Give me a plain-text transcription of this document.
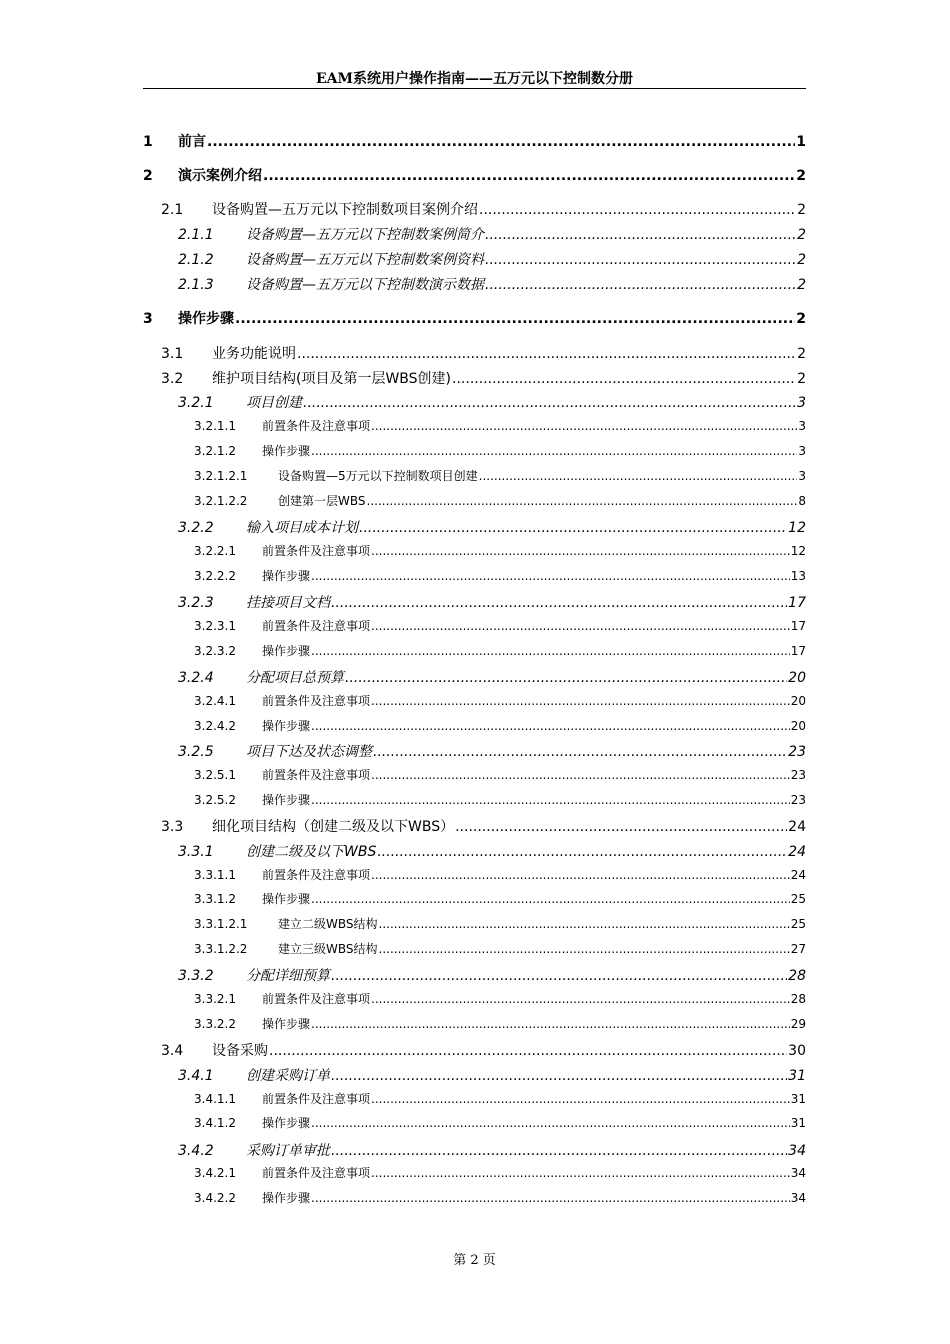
EAM系统用户操作指南——五万元以下控制数分册
1	前言 .....	1
2	演示案例介绍 .....	2
2.1	设备购置—五万元以下控制数项目案例介绍 .....	2
2.1.1	设备购置—五万元以下控制数案例简介 .....	2
2.1.2	设备购置—五万元以下控制数案例资料 .....	2
2.1.3	设备购置—五万元以下控制数演示数据 .....	2
3	操作步骤 .....	2
3.1	业务功能说明 .....	2
3.2	维护项目结构(项目及第一层WBS创建) .....	2
3.2.1	项目创建 .....	3
3.2.1.1	前置条件及注意事项 .....	3
3.2.1.2	操作步骤 .....	3
3.2.1.2.1	设备购置—5万元以下控制数项目创建 .....	3
3.2.1.2.2	创建第一层WBS .....	8
3.2.2	输入项目成本计划 .....	12
3.2.2.1	前置条件及注意事项 .....	12
3.2.2.2	操作步骤 .....	13
3.2.3	挂接项目文档 .....	17
3.2.3.1	前置条件及注意事项 .....	17
3.2.3.2	操作步骤 .....	17
3.2.4	分配项目总预算 .....	20
3.2.4.1	前置条件及注意事项 .....	20
3.2.4.2	操作步骤 .....	20
3.2.5	项目下达及状态调整 .....	23
3.2.5.1	前置条件及注意事项 .....	23
3.2.5.2	操作步骤 .....	23
3.3	细化项目结构（创建二级及以下WBS） .....	24
3.3.1	创建二级及以下WBS .....	24
3.3.1.1	前置条件及注意事项 .....	24
3.3.1.2	操作步骤 .....	25
3.3.1.2.1	建立二级WBS结构 .....	25
3.3.1.2.2	建立三级WBS结构 .....	27
3.3.2	分配详细预算 .....	28
3.3.2.1	前置条件及注意事项 .....	28
3.3.2.2	操作步骤 .....	29
3.4	设备采购 .....	30
3.4.1	创建采购订单 .....	31
3.4.1.1	前置条件及注意事项 .....	31
3.4.1.2	操作步骤 .....	31
3.4.2	采购订单审批 .....	34
3.4.2.1	前置条件及注意事项 .....	34
3.4.2.2	操作步骤 .....	34
第 2 页
